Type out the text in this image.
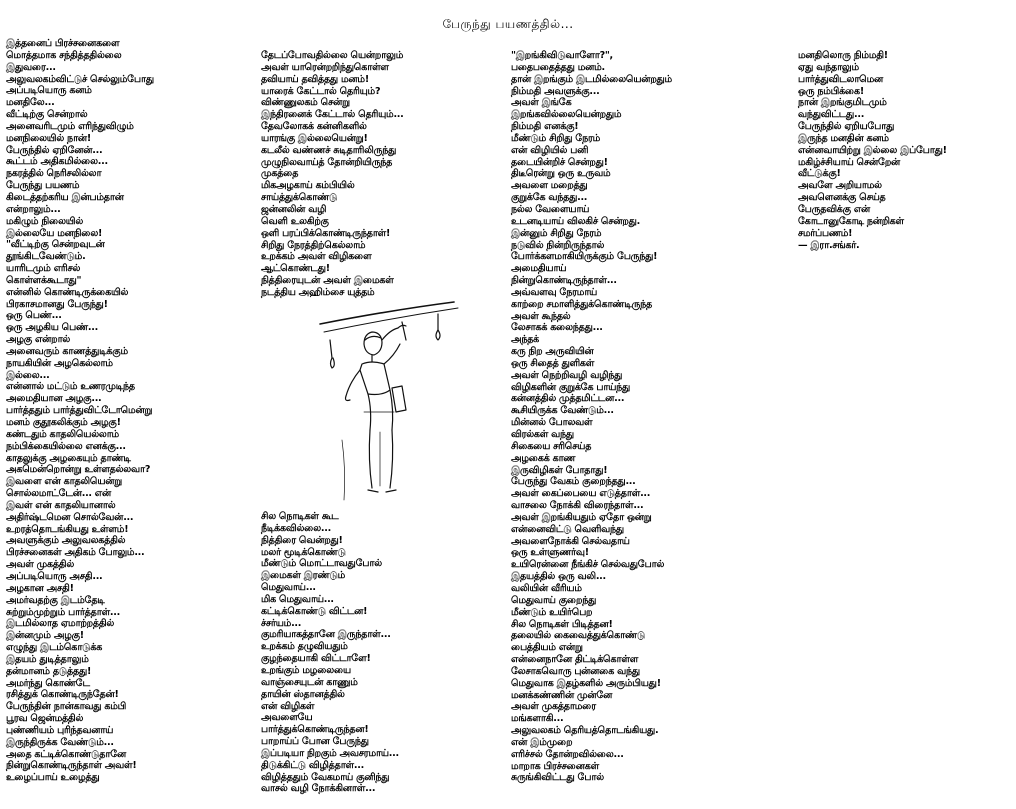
பேருந்து பயணத்தில்...
இத்தனைப் பிரச்சனைகளை
மொத்தமாக சந்தித்ததில்லை
இதுவரை...
அலுவலகம்விட்டுச் செல்லும்போது
அப்படியொரு கனம்
மனதிலே...
வீட்டிற்கு சென்றால்
அனைவரிடமும் எரிந்துவிழும்
மனநிலையில் நான்!
பேருந்தில் ஏறினேன்...
கூட்டம் அதிகமில்லை...
நகரத்தில் நெரிசலில்லா
பேருந்து பயணம்
கிடைத்தற்கரிய இன்பம்தான்
என்றாலும்...
மகிழும் நிலையில்
இல்லையே மனநிலை!
"வீட்டிற்கு சென்றவுடன்
தூங்கிடவேண்டும்.
யாரிடமும் எரிசல்
கொள்ளக்கூடாது"
என்னில் கொண்டிருக்கையில்
பிரகாசமானது பேருந்து!
ஒரு பெண்...
ஒரு அழகிய பெண்...
அழகு என்றால்
அனைவரும் காணத்துடிக்கும்
நாயகியின் அழகெல்லாம்
இல்லை...
என்னால் மட்டும் உணரமுடிந்த
அமைதியான அழகு...
பார்த்ததும் பார்த்துவிட்டோமென்று
மனம் குதூகலிக்கும் அழகு!
கண்டதும் காதலியெல்லாம்
நம்பிக்கையில்லை எனக்கு...
காதலுக்கு அழகையும் தாண்டி
அகமென்றொன்று உள்ளதல்லவா?
இவளை என் காதலியென்று
சொல்லமாட்டேன்... என்
இவள் என் காதலியானால்
அதிர்ஷ்டமென சொல்வேன்...
உறரத்தொடங்கியது உள்ளம்!
அவளுக்கும் அலுவலகத்தில்
பிரச்சனைகள் அதிகம் போலும்...
அவள் முகத்தில்
அப்படியொரு அசதி...
அழகான அசதி!
அமர்வதற்கு இடம்தேடி
சுற்றும்முற்றும் பார்த்தாள்...
இடமில்லாத ஏமாற்றத்தில்
இன்னமும் அழகு!
எழுந்து இடம்கொடுக்க
இதயம் துடித்தாலும்
தன்மானம் தடுத்தது!
அமர்ந்து கொண்டே
ரசித்துக் கொண்டிருந்தேன்!
பேருந்தின் நான்காவது கம்பி
பூரவ ஜென்மத்தில்
புண்ணியம் புரிந்தவனாய்
இருந்திருக்க வேண்டும்...
அதை கட்டிக்கொண்டுதானே
நின்றுகொண்டிருந்தாள் அவள்!
உழைப்பாய் உழைத்து
தேடப்போவதில்லை யென்றாலும்
அவள் யாரென்றறிந்துகொள்ள
தவியாய் தவித்தது மனம்!
யாரைக் கேட்டால் தெரியும்?
விண்ணுலகம் சென்று
இந்திரனைக் கேட்டால் தெரியும்...
தேவலோகக் கன்னிகளில்
யாரங்கு இல்லையென்று!
கடலீல் வண்ணச் சுடிதாரிலிருந்து
முழுநிலவாய்த் தோன்றியிருந்த
முகத்தை
மிகஅழகாய் கம்பியில்
சாய்த்துக்கொண்டு
ஜன்னலின் வழி
வெளி உலகிற்கு
ஒளி பரப்பிக்கொண்டிருந்தாள்!
சிறிது நேரத்திற்கெல்லாம்
உறக்கம் அவள் விழிகளை
ஆட்கொண்டது!
நித்திரையுடன் அவள் இமைகள்
நடத்திய அஹிம்சை யுத்தம்
சில நொடிகள் கூட
நீடிக்கவில்லை...
நித்திரை வென்றது!
மலர் மூடிக்கொண்டு
மீண்டும் மொட்டாவதுபோல்
இமைகள் இரண்டும்
மெதுவாய்...
மிக மெதுவாய்...
கட்டிக்கொண்டு விட்டன!
ச்சர்யம்...
குமரியாகத்தானே இருந்தாள்...
உறக்கம் தழுவியதும்
குழந்தையாகி விட்டாளே!
உறங்கும் மழலையை
வாஞ்சையுடன் காணும்
தாயின் ஸ்தானத்தில்
என் விழிகள்
அவளையே
பார்த்துக்கொண்டிருந்தன!
பாறாய்ப் போன பேருந்து
இப்படியா நிறகும் அவசரமாய்...
திடுக்கிட்டு விழித்தாள்...
விழித்ததும் வேகமாய் குனிந்து
வாசல் வழி நோக்கினாள்...
"இறங்கிவிடுவாளோ?",
பதைபதைத்தது மனம்.
தான் இறங்கும் இடமில்லையென்றதும்
நிம்மதி அவளுக்கு...
அவள் இங்கே
இறங்கவில்லையென்றதும்
நிம்மதி எனக்கு!
மீண்டும் சிறிது நேரம்
என் விழியில் பனி
தடையின்றிச் சென்றது!
திடீரென்று ஒரு உருவம்
அவளை மறைத்து
குறுக்கே வந்தது...
நல்ல வேளையாய்
உடனடியாய் விலகிச் சென்றது.
இன்னும் சிறிது நேரம்
நடுவில் நின்றிருந்தால்
போர்க்களமாகியிருக்கும் பேருந்து!
அமைதியாய்
நின்றுகொண்டிருந்தாள்...
அவ்வளவு நேரமாய்
காற்றை சமாளித்துக்கொண்டிருந்த
அவள் கூந்தல்
லேசாகக் கலைந்தது...
அந்தக்
கரு நிற அருவியின்
ஒரு சிதைத் துளிகள்
அவள் நெற்றிவழி வழிந்து
விழிகளின் குறுக்கே பாய்ந்து
கன்னத்தில் முத்தமிட்டன...
கூசியிருக்க வேண்டும்...
மின்னல் போலவள்
விரல்கள் வந்து
சிகையை சரிசெய்த
அழகைக் காண
இருவிழிகள் போதாது!
பேருந்து வேகம் குறைந்தது...
அவள் கைப்பையை எடுத்தாள்...
வாசலை நோக்கி விரைந்தாள்...
அவள் இறங்கியதும் ஏதோ ஒன்று
என்னைவிட்டு வெளிவந்து
அவளைநோக்கி செல்வதாய்
ஒரு உள்ளுணர்வு!
உயிரென்னை நீங்கிச் செல்வதுபோல்
இதயத்தில் ஒரு வலி...
வலியின் வீரியம்
மெதுவாய் குறைந்து
மீண்டும் உயிர்பெற
சில நொடிகள் பிடித்தன!
தலையில் கைவைத்துக்கொண்டு
பைத்தியம் என்று
என்னைநானே திட்டிக்கொள்ள
லேசாகவொரு புன்னகை வந்து
மெதுவாக இதழ்களில் அரும்பியது!
மனக்கண்ணின் முன்னே
அவள் முகத்தாமரை
மங்களாகி...
அலுவலகம் தெரியத்தொடங்கியது.
என் இம்முறை
எரிச்சல் தோன்றவில்லை...
மாறாக பிரச்சனைகள்
சுருங்கிவிட்டது போல்
மனதிலொரு நிம்மதி!
ஏது வந்தாலும்
பார்த்துவிடலாமென
ஒரு நம்பிக்கை!
நான் இறங்குமிடமும்
வந்துவிட்டது...
பேருந்தில் ஏறியபோது
இருந்த மனதின் கனம்
என்னவாயிற்று இல்லை இப்போது!
மகிழ்ச்சியாய் சென்றேன்
வீட்டுக்கு!
அவளே அறியாமல்
அவளெனக்கு செய்த
பேருதவிக்கு என்
கோடானுகோடி நன்றிகள்
சமர்ப்பணம்!
— இரா.சங்கர்.
